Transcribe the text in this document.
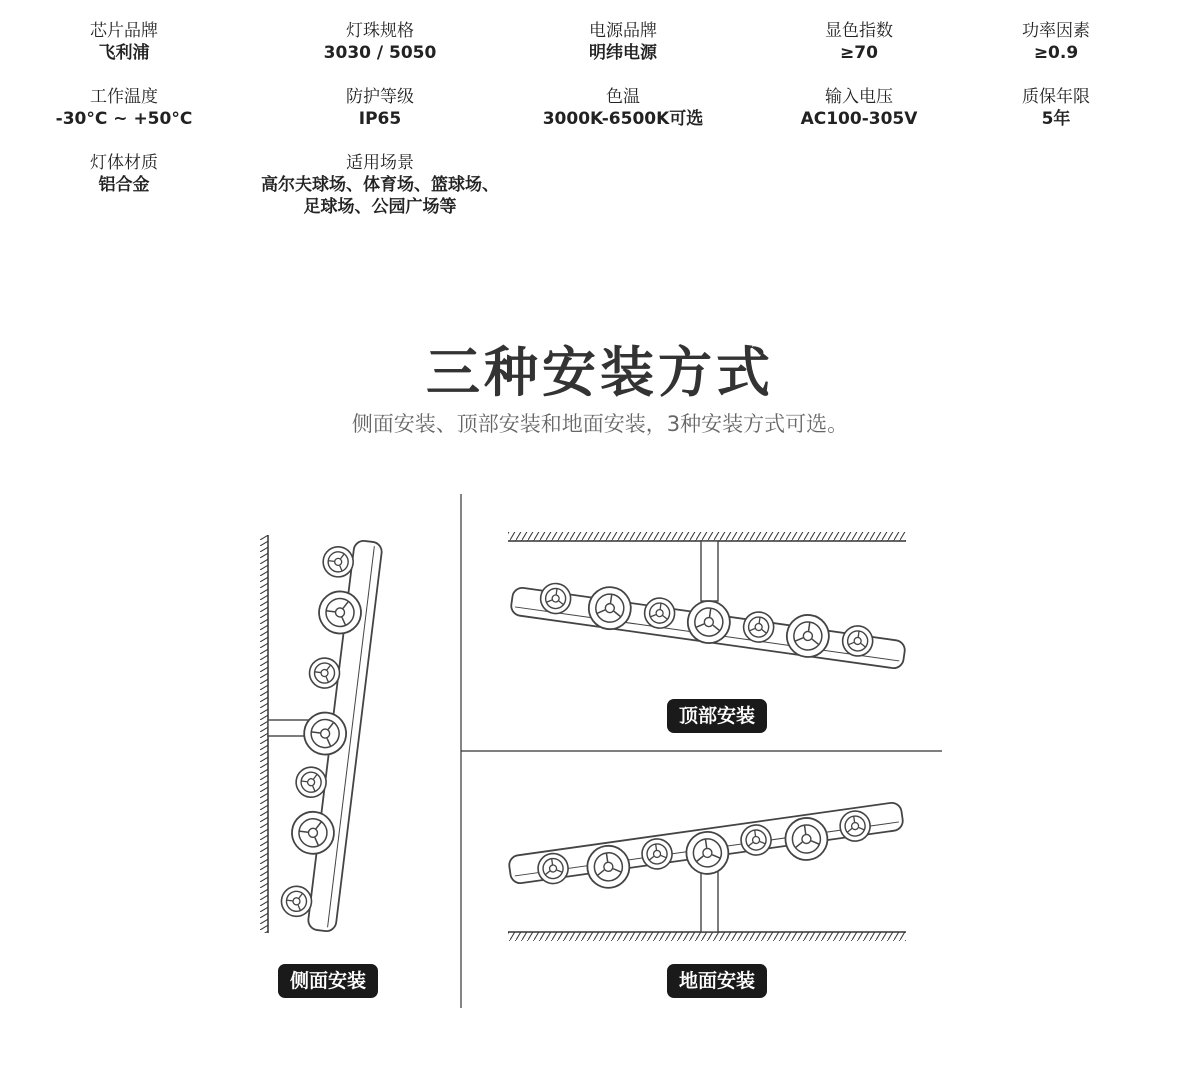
芯片品牌
飞利浦
灯珠规格
3030 / 5050
电源品牌
明纬电源
显色指数
≥70
功率因素
≥0.9
工作温度
-30°C ~ +50°C
防护等级
IP65
色温
3000K-6500K可选
输入电压
AC100-305V
质保年限
5年
灯体材质
铝合金
适用场景
高尔夫球场、体育场、篮球场、
足球场、公园广场等
三种安装方式

侧面安装、顶部安装和地面安装，3种安装方式可选。

侧面安装
顶部安装
地面安装
